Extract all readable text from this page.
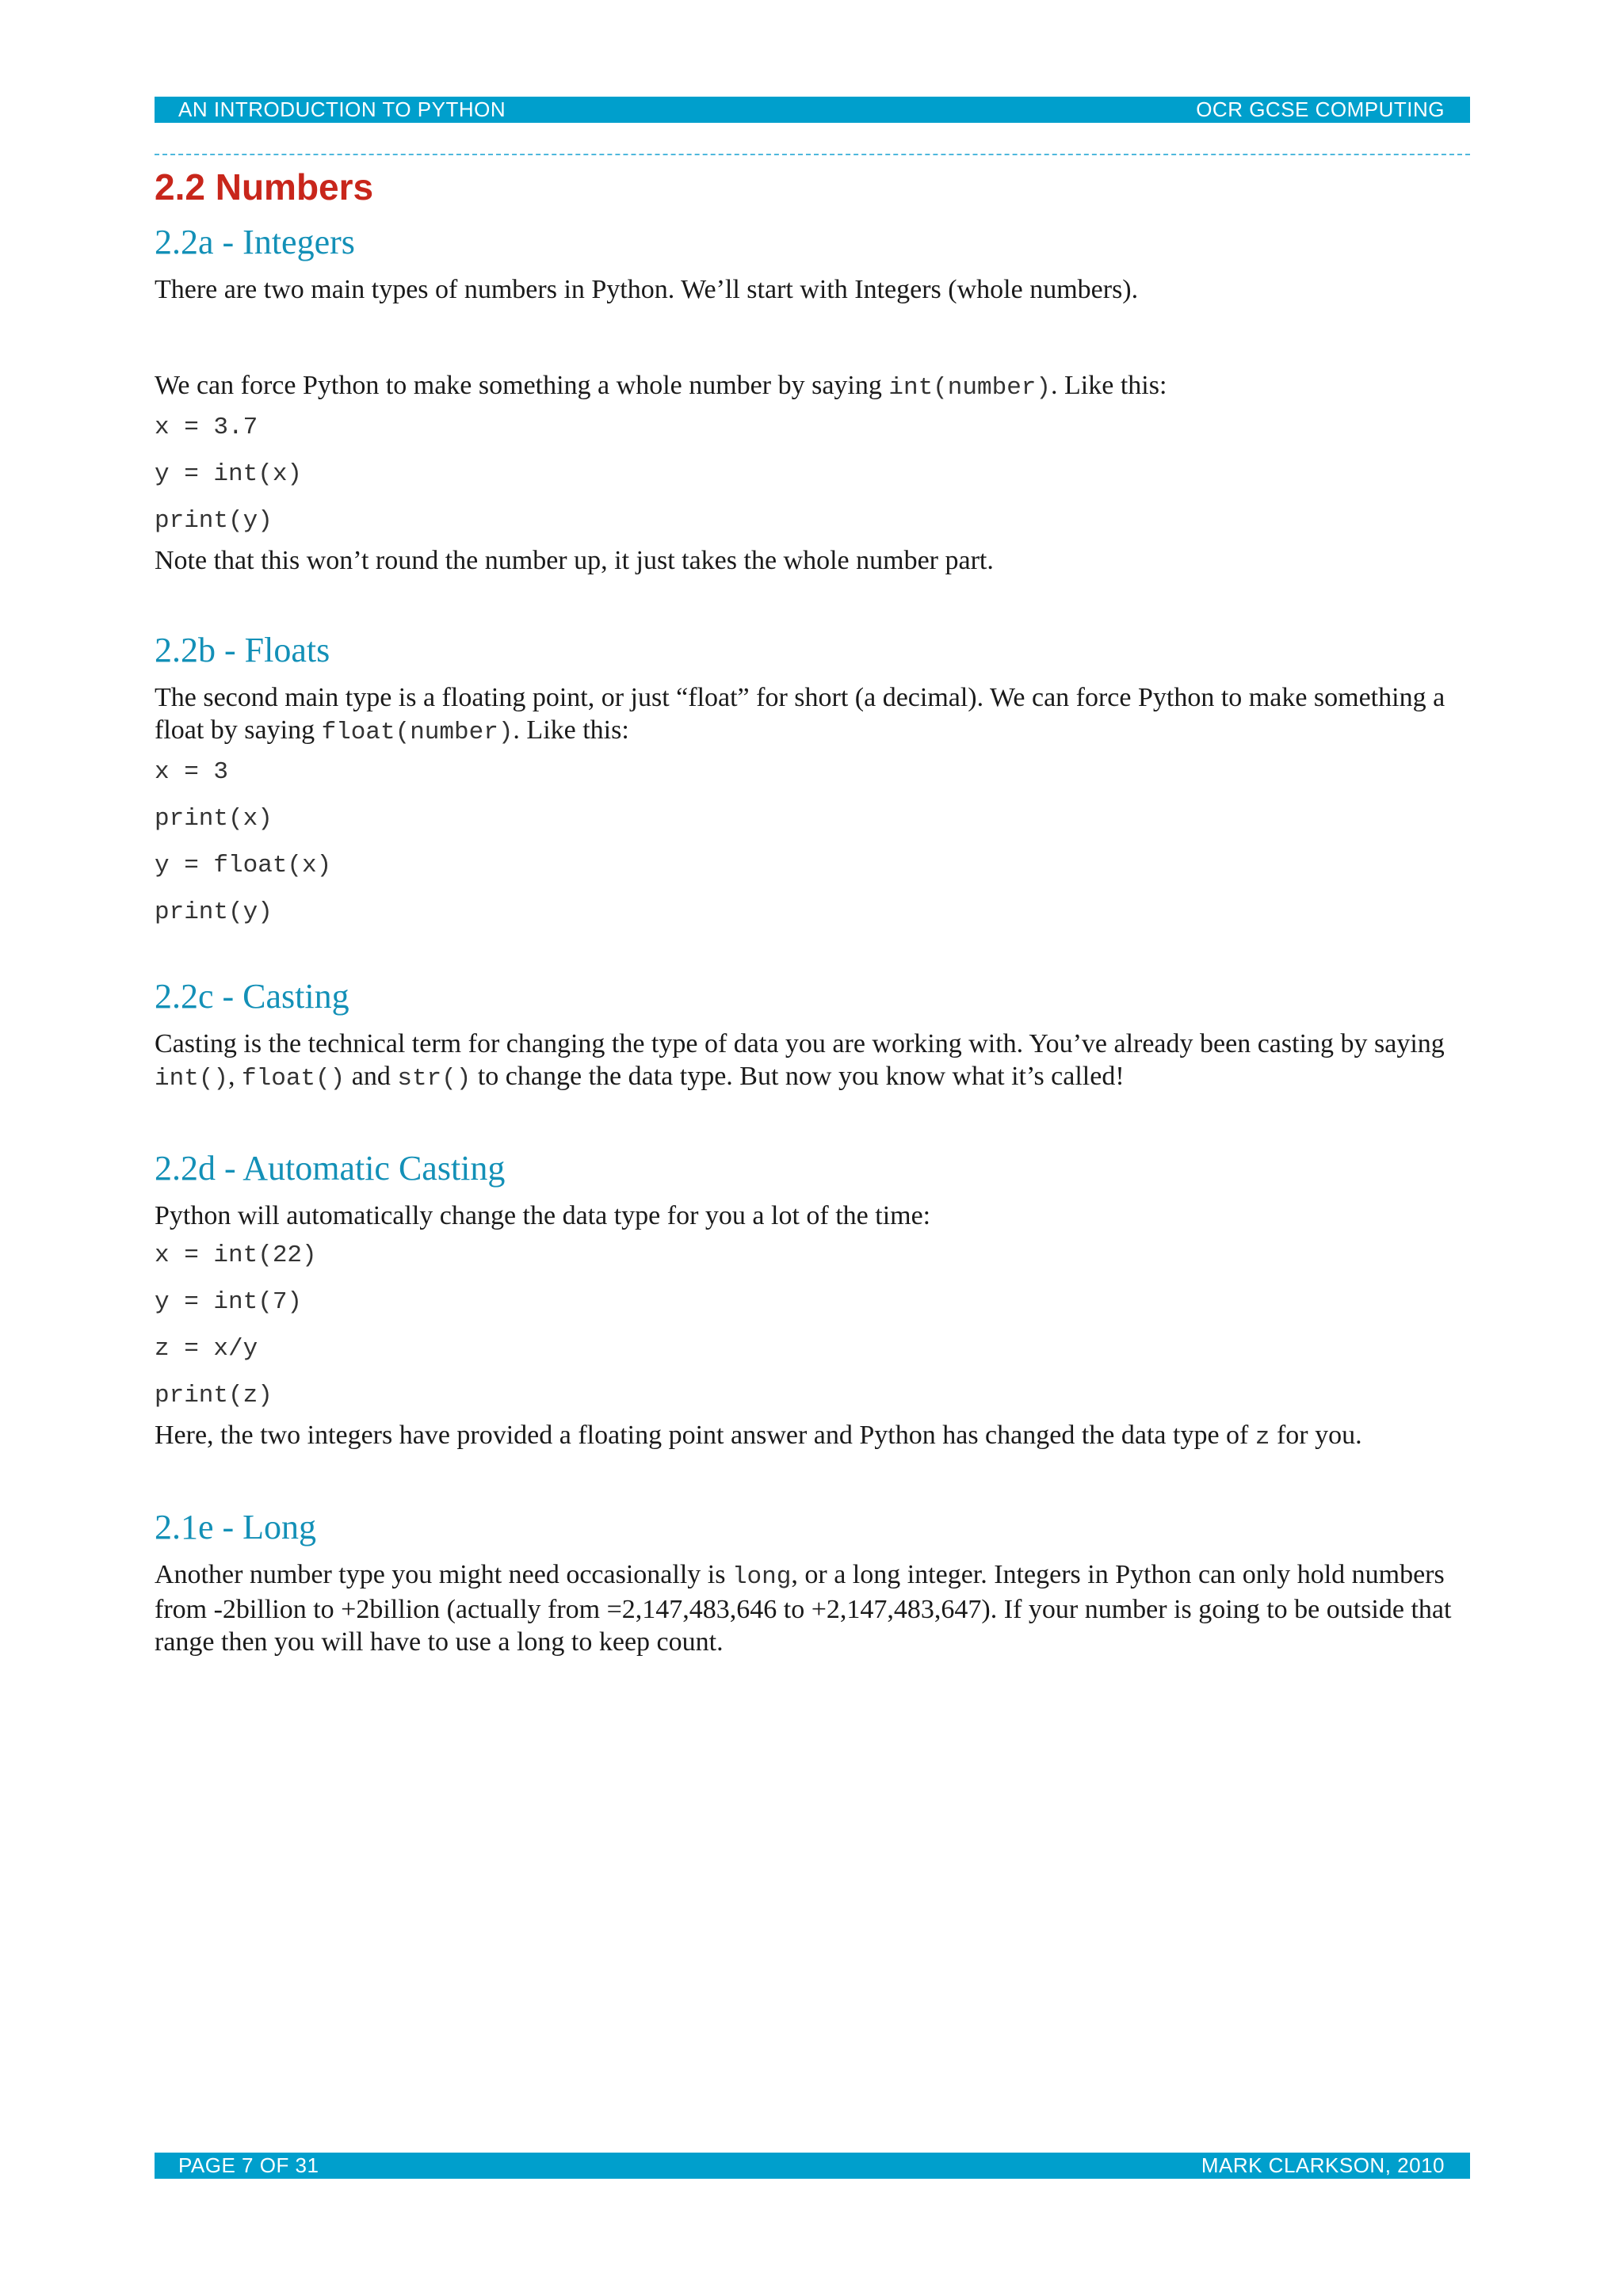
AN INTRODUCTION TO PYTHON	OCR GCSE COMPUTING
2.2 Numbers
2.2a - Integers

There are two main types of numbers in Python. We’ll start with Integers (whole numbers).

We can force Python to make something a whole number by saying int(number). Like this:

x = 3.7
y = int(x)
print(y)

Note that this won’t round the number up, it just takes the whole number part.

2.2b - Floats

The second main type is a floating point, or just “float” for short (a decimal). We can force Python to make something a float by saying float(number). Like this:

x = 3
print(x)
y = float(x)
print(y)
2.2c - Casting

Casting is the technical term for changing the type of data you are working with. You’ve already been casting by saying int(), float() and str() to change the data type. But now you know what it’s called!

2.2d - Automatic Casting

Python will automatically change the data type for you a lot of the time:

x = int(22)
y = int(7)
z = x/y
print(z)

Here, the two integers have provided a floating point answer and Python has changed the data type of z for you.

2.1e - Long

Another number type you might need occasionally is long, or a long integer. Integers in Python can only hold numbers from -2billion to +2billion (actually from =2,147,483,646 to +2,147,483,647). If your number is going to be outside that range then you will have to use a long to keep count.

PAGE 7 OF 31	MARK CLARKSON, 2010
